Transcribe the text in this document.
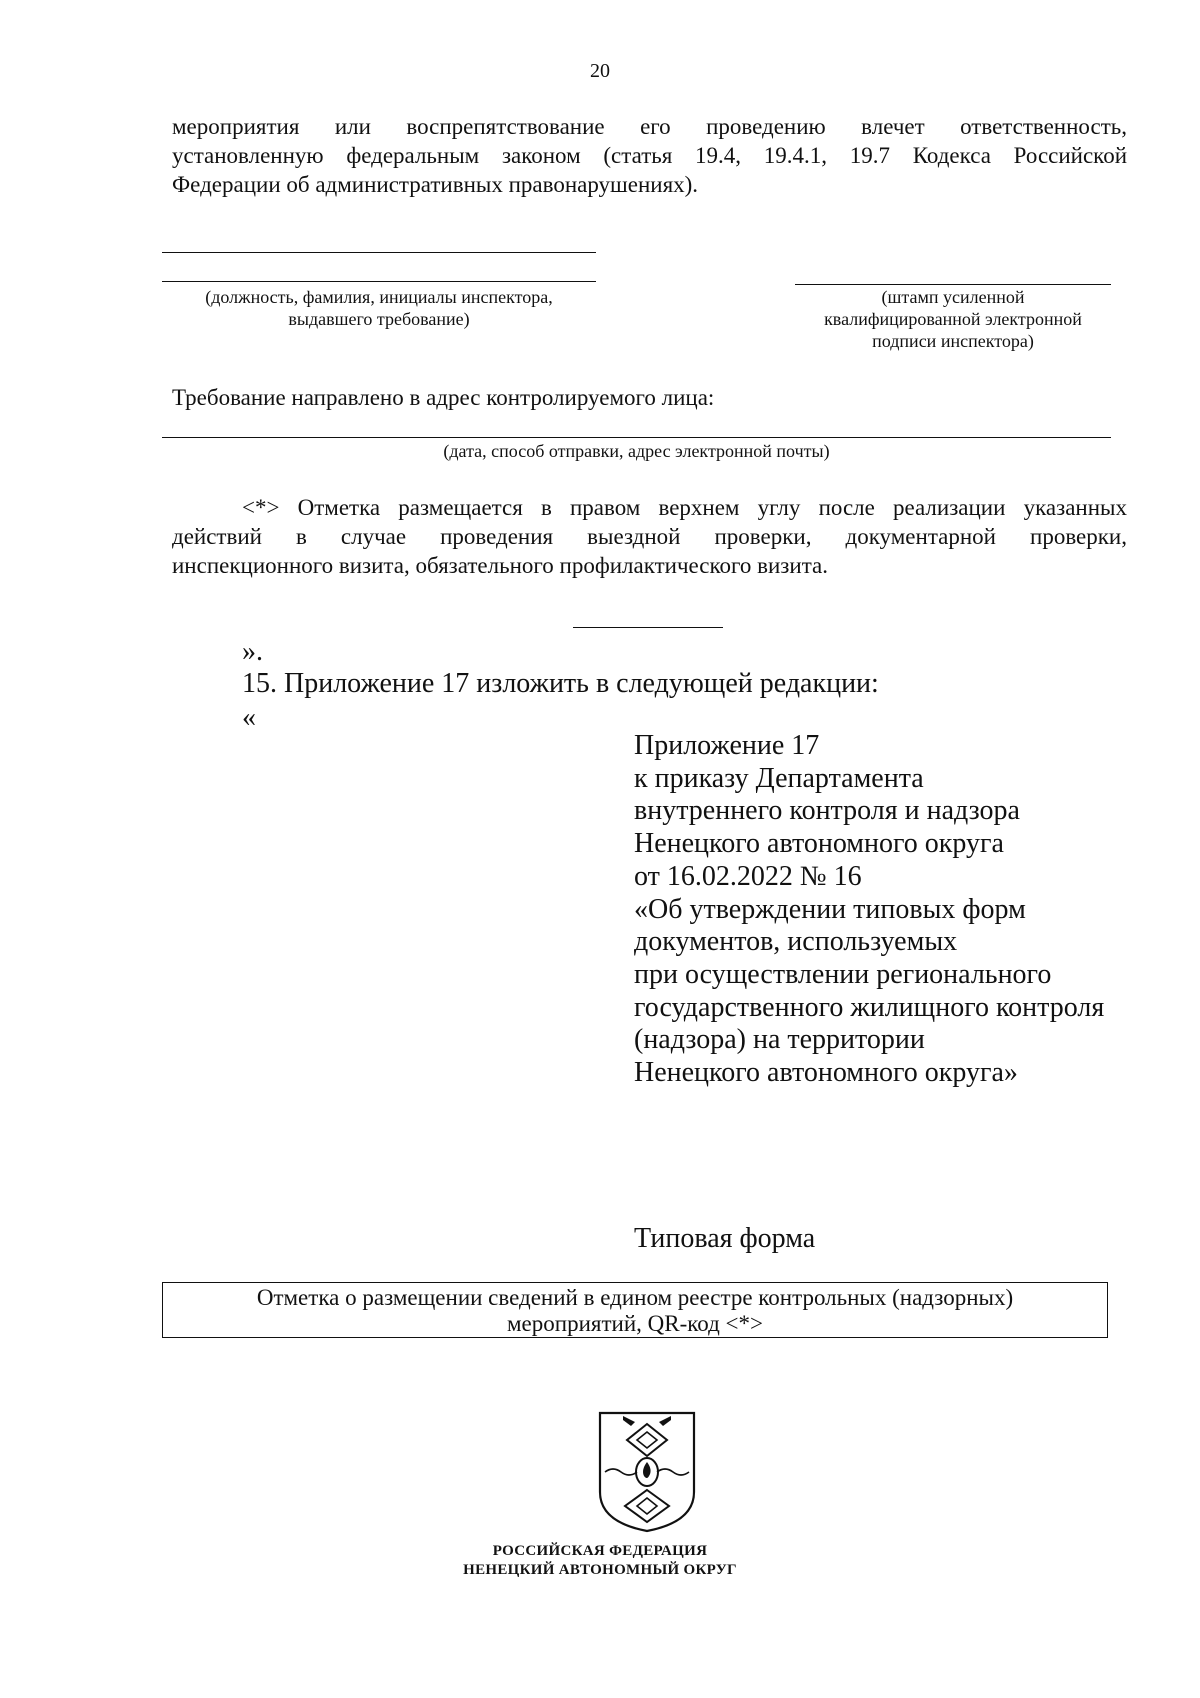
20
мероприятия или воспрепятствование его проведению влечет ответственность,
установленную федеральным законом (статья 19.4, 19.4.1, 19.7 Кодекса Российской
Федерации об административных правонарушениях).
(должность, фамилия, инициалы инспектора,
выдавшего требование)
(штамп усиленной
квалифицированной электронной
подписи инспектора)
Требование направлено в адрес контролируемого лица:
(дата, способ отправки, адрес электронной почты)
<*> Отметка размещается в правом верхнем углу после реализации указанных
действий в случае проведения выездной проверки, документарной проверки,
инспекционного визита, обязательного профилактического визита.
».
15. Приложение 17 изложить в следующей редакции:
«
Приложение 17
к приказу Департамента
внутреннего контроля и надзора
Ненецкого автономного округа
от 16.02.2022 № 16
«Об утверждении типовых форм
документов, используемых
при осуществлении регионального
государственного жилищного контроля
(надзора) на территории
Ненецкого автономного округа»
Типовая форма
Отметка о размещении сведений в едином реестре контрольных (надзорных)
мероприятий, QR-код <*>
РОССИЙСКАЯ ФЕДЕРАЦИЯ
НЕНЕЦКИЙ АВТОНОМНЫЙ ОКРУГ
